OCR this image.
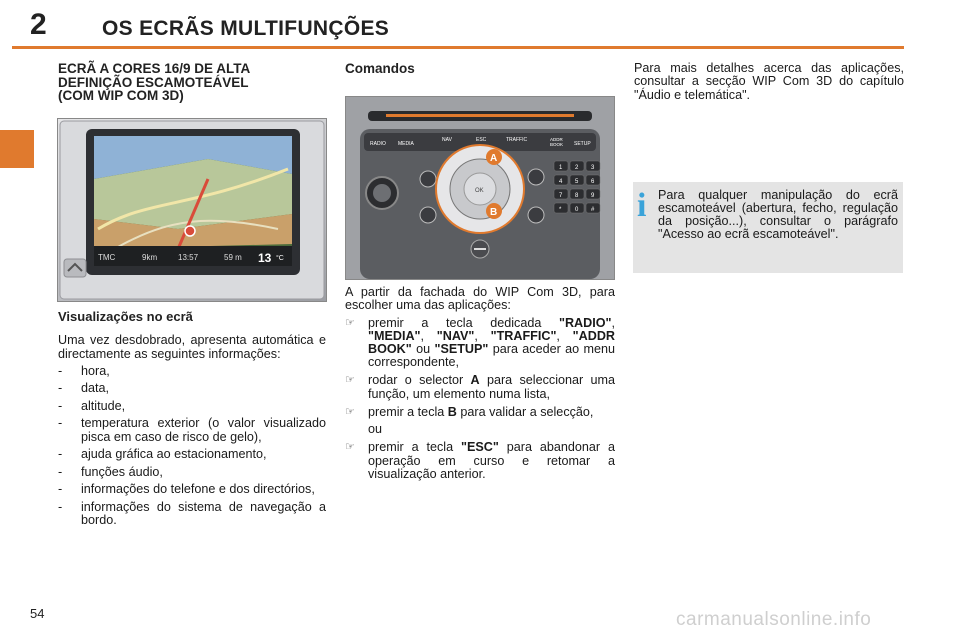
2	OS ECRÃS MULTIFUNÇÕES
ECRÃ A CORES 16/9 DE ALTA
DEFINIÇÃO ESCAMOTEÁVEL
(COM WIP COM 3D)
TMC	9km	13:57	59 m 13 °C
Visualizações no ecrã

Uma vez desdobrado, apresenta automática e directamente as seguintes informações:

- hora,
- data,
- altitude,
- temperatura exterior (o valor visualizado pisca em caso de risco de gelo),
- ajuda gráfica ao estacionamento,
- funções áudio,
- informações do telefone e dos directórios,
- informações do sistema de navegação a bordo.
Comandos
RADIO MEDIA
NAV	ESC	TRAFFIC	ADDR
BOOK SETUP
OK
A
B
1 2 3
4 5 6
7 8 9
* 0 #

A partir da fachada do WIP Com 3D, para escolher uma das aplicações:

☞ premir a tecla dedicada "RADIO", "MEDIA", "NAV", "TRAFFIC", "ADDR BOOK" ou "SETUP" para aceder ao menu correspondente,
☞ rodar o selector A para seleccionar uma função, um elemento numa lista,
☞ premir a tecla B para validar a selecção,
ou
☞ premir a tecla "ESC" para abandonar a operação em curso e retomar a visualização anterior.

Para mais detalhes acerca das aplicações, consultar a secção WIP Com 3D do capítulo "Áudio e telemática".

i Para qualquer manipulação do ecrã escamoteável (abertura, fecho, regulação da posição...), consultar o parágrafo "Acesso ao ecrã escamoteável".

54	carmanualsonline.info
